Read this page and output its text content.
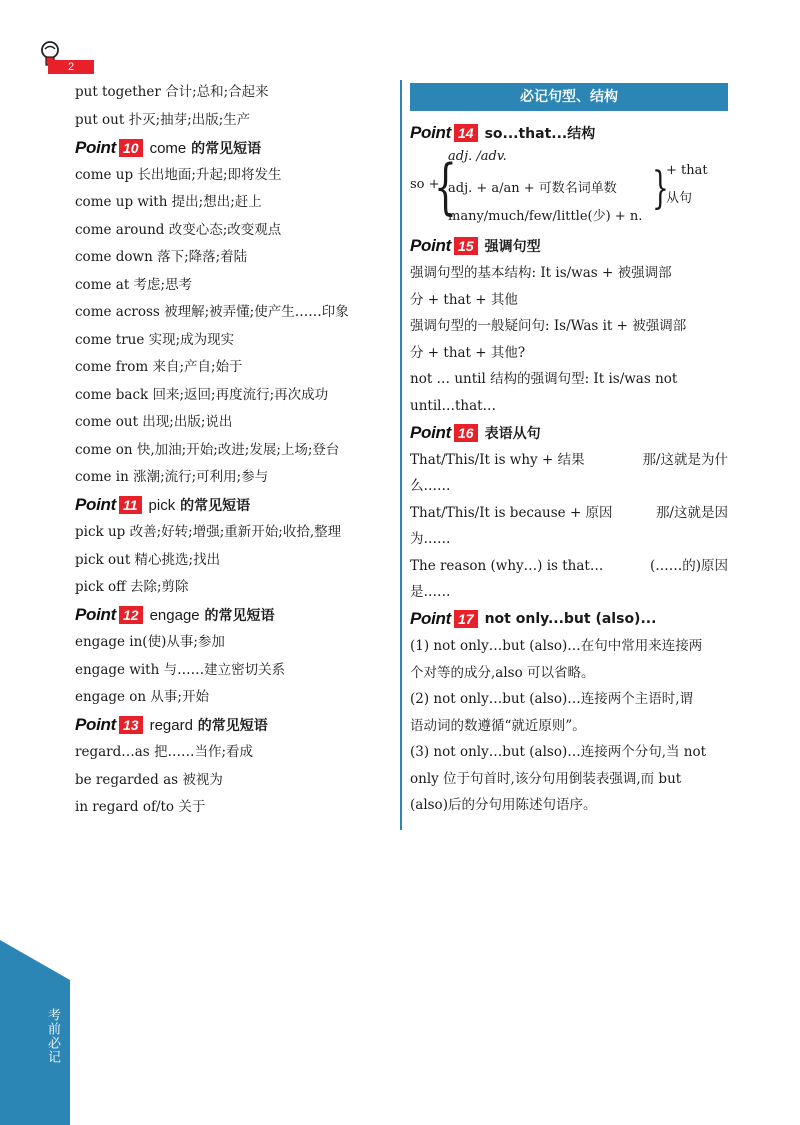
2
考前必记
put together 合计;总和;合起来
put out 扑灭;抽芽;出版;生产
Point 10 come 的常见短语
come up 长出地面;升起;即将发生
come up with 提出;想出;赶上
come around 改变心态;改变观点
come down 落下;降落;着陆
come at 考虑;思考
come across 被理解;被弄懂;使产生……印象
come true 实现;成为现实
come from 来自;产自;始于
come back 回来;返回;再度流行;再次成功
come out 出现;出版;说出
come on 快,加油;开始;改进;发展;上场;登台
come in 涨潮;流行;可利用;参与
Point 11 pick 的常见短语
pick up 改善;好转;增强;重新开始;收拾,整理
pick out 精心挑选;找出
pick off 去除;剪除
Point 12 engage 的常见短语
engage in(使)从事;参加
engage with 与……建立密切关系
engage on 从事;开始
Point 13 regard 的常见短语
regard…as 把……当作;看成
be regarded as 被视为
in regard of/to 关于
必记句型、结构
Point 14 so...that...结构
so +
{
adj. /adv.
adj. + a/an + 可数名词单数
many/much/few/little(少) + n.
}
+ that
从句
Point 15 强调句型
强调句型的基本结构: It is/was + 被强调部
分 + that + 其他
强调句型的一般疑问句: Is/Was it + 被强调部
分 + that + 其他?
not … until 结构的强调句型: It is/was not
until…that…
Point 16 表语从句
That/This/It is why + 结果	那/这就是为什
么……
That/This/It is because + 原因	那/这就是因
为……
The reason (why…) is that…	(……的)原因
是……
Point 17 not only...but (also)...
(1) not only…but (also)…在句中常用来连接两
个对等的成分,also 可以省略。
(2) not only…but (also)…连接两个主语时,谓
语动词的数遵循“就近原则”。
(3) not only…but (also)…连接两个分句,当 not
only 位于句首时,该分句用倒装表强调,而 but
(also)后的分句用陈述句语序。
